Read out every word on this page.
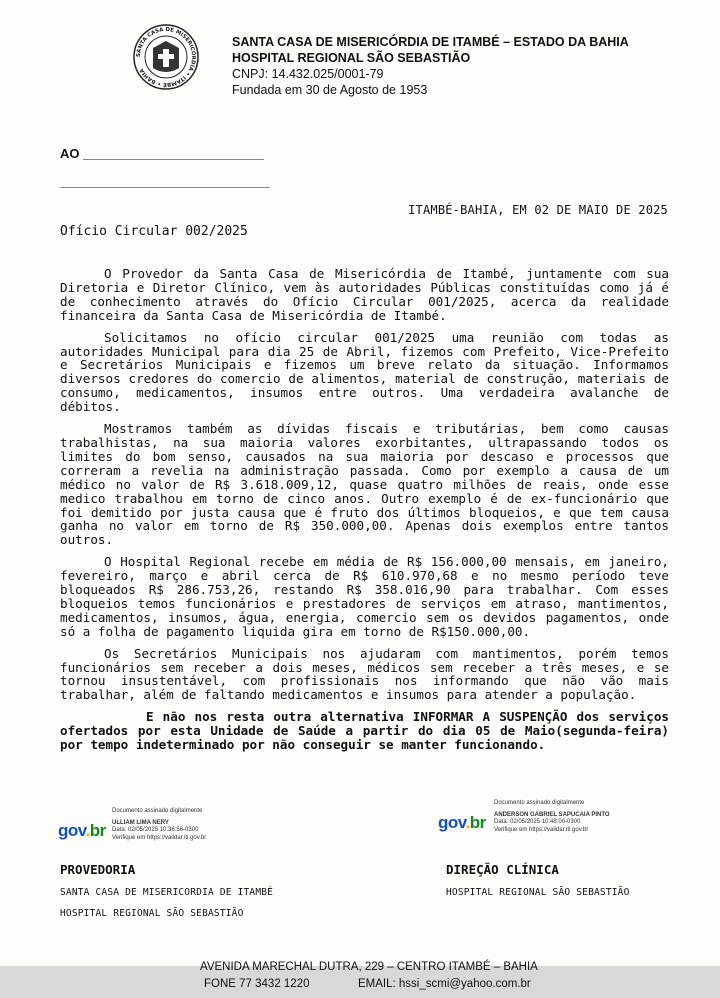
SANTA CASA DE MISERICÓRDIA • ITAMBÉ • BAHIA
SANTA CASA DE MISERICÓRDIA DE ITAMBÉ – ESTADO DA BAHIA
HOSPITAL REGIONAL SÃO SEBASTIÃO
CNPJ: 14.432.025/0001-79
Fundada em 30 de Agosto de 1953
AO _________________________
_____________________________
ITAMBÉ-BAHIA, EM 02 DE MAIO DE 2025
Ofício Circular 002/2025

O Provedor da Santa Casa de Misericórdia de Itambé, juntamente com sua Diretoria e Diretor Clínico, vem às autoridades Públicas constituídas como já é de conhecimento através do Ofício Circular 001/2025, acerca da realidade financeira da Santa Casa de Misericórdia de Itambé.

Solicitamos no ofício circular 001/2025 uma reunião com todas as autoridades Municipal para dia 25 de Abril, fizemos com Prefeito, Vice-Prefeito e Secretários Municipais e fizemos um breve relato da situação. Informamos diversos credores do comercio de alimentos, material de construção, materiais de consumo, medicamentos, insumos entre outros. Uma verdadeira avalanche de débitos.

Mostramos também as dívidas fiscais e tributárias, bem como causas trabalhistas, na sua maioria valores exorbitantes, ultrapassando todos os limites do bom senso, causados na sua maioria por descaso e processos que correram a revelia na administração passada. Como por exemplo a causa de um médico no valor de R$ 3.618.009,12, quase quatro milhões de reais, onde esse medico trabalhou em torno de cinco anos. Outro exemplo é de ex-funcionário que foi demitido por justa causa que é fruto dos últimos bloqueios, e que tem causa ganha no valor em torno de R$ 350.000,00. Apenas dois exemplos entre tantos outros.

O Hospital Regional recebe em média de R$ 156.000,00 mensais, em janeiro, fevereiro, março e abril cerca de R$ 610.970,68 e no mesmo período teve bloqueados R$ 286.753,26, restando R$ 358.016,90 para trabalhar. Com esses bloqueios temos funcionários e prestadores de serviços em atraso, mantimentos, medicamentos, insumos, água, energia, comercio sem os devidos pagamentos, onde só a folha de pagamento liquida gira em torno de R$150.000,00.

Os Secretários Municipais nos ajudaram com mantimentos, porém temos funcionários sem receber a dois meses, médicos sem receber a três meses, e se tornou insustentável, com profissionais nos informando que não vão mais trabalhar, além de faltando medicamentos e insumos para atender a população.

E não nos resta outra alternativa INFORMAR A SUSPENÇÃO dos serviços ofertados por esta Unidade de Saúde a partir do dia 05 de Maio(segunda-feira) por tempo indeterminado por não conseguir se manter funcionando.

Documento assinado digitalmente
gov.br	ULLIAM LIMA NERY
Data: 02/05/2025 10:36:56-0300
Verifique em https://validar.iti.gov.br
Documento assinado digitalmente
gov.br	ANDERSON GABRIEL SAPUCAIA PINTO
Data: 02/05/2025 10:48:00-0300
Verifique em https://validar.iti.gov.br
PROVEDORIA
SANTA CASA DE MISERICORDIA DE ITAMBÉ
HOSPITAL REGIONAL SÃO SEBASTIÃO
DIREÇÃO CLÍNICA
HOSPITAL REGIONAL SÃO SEBASTIÃO
AVENIDA MARECHAL DUTRA, 229 – CENTRO ITAMBÉ – BAHIA
FONE 77 3432 1220	EMAIL: hssi_scmi@yahoo.com.br
